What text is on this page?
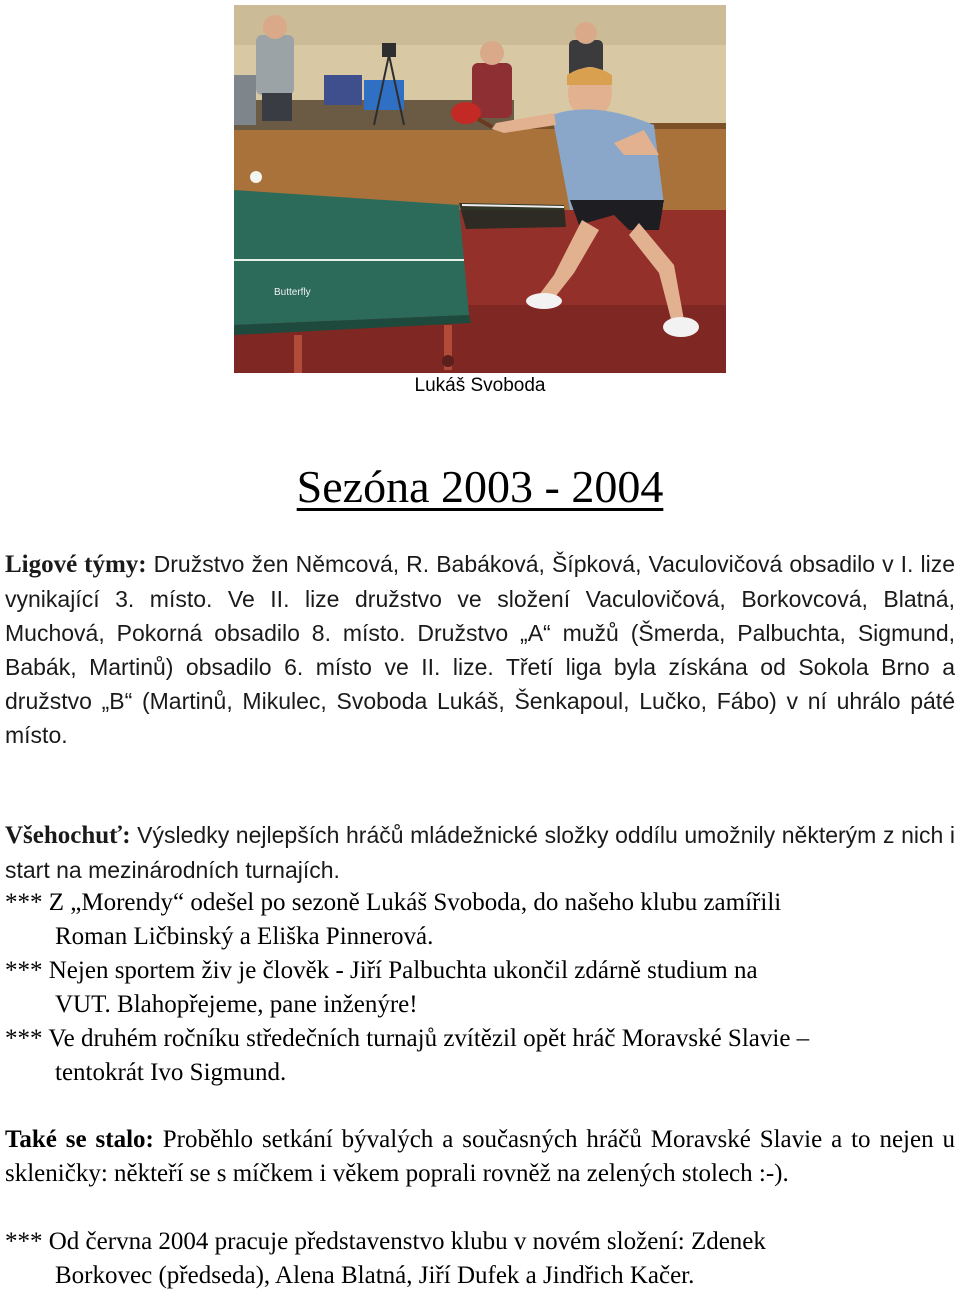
Butterfly
Lukáš Svoboda
Sezóna 2003 - 2004

Ligové týmy: Družstvo žen Němcová, R. Babáková, Šípková, Vaculovičová obsadilo v I. lize vynikající 3. místo. Ve II. lize družstvo ve složení Vaculovičová, Borkovcová, Blatná, Muchová, Pokorná obsadilo 8. místo. Družstvo „A“ mužů (Šmerda, Palbuchta, Sigmund, Babák, Martinů) obsadilo 6. místo ve II. lize. Třetí liga byla získána od Sokola Brno a družstvo „B“ (Martinů, Mikulec, Svoboda Lukáš, Šenkapoul, Lučko, Fábo) v ní uhrálo páté místo.

Všehochuť: Výsledky nejlepších hráčů mládežnické složky oddílu umožnily některým z nich i start na mezinárodních turnajích.

*** Z „Morendy“ odešel po sezoně Lukáš Svoboda, do našeho klubu zamířili
Roman Ličbinský a Eliška Pinnerová.
*** Nejen sportem živ je člověk - Jiří Palbuchta ukončil zdárně studium na
VUT. Blahopřejeme, pane inženýre!
*** Ve druhém ročníku středečních turnajů zvítězil opět hráč Moravské Slavie –
tentokrát Ivo Sigmund.

Také se stalo: Proběhlo setkání bývalých a současných hráčů Moravské Slavie a to nejen u skleničky: někteří se s míčkem i věkem poprali rovněž na zelených stolech :-).

*** Od června 2004 pracuje představenstvo klubu v novém složení: Zdenek
Borkovec (předseda), Alena Blatná, Jiří Dufek a Jindřich Kačer.
